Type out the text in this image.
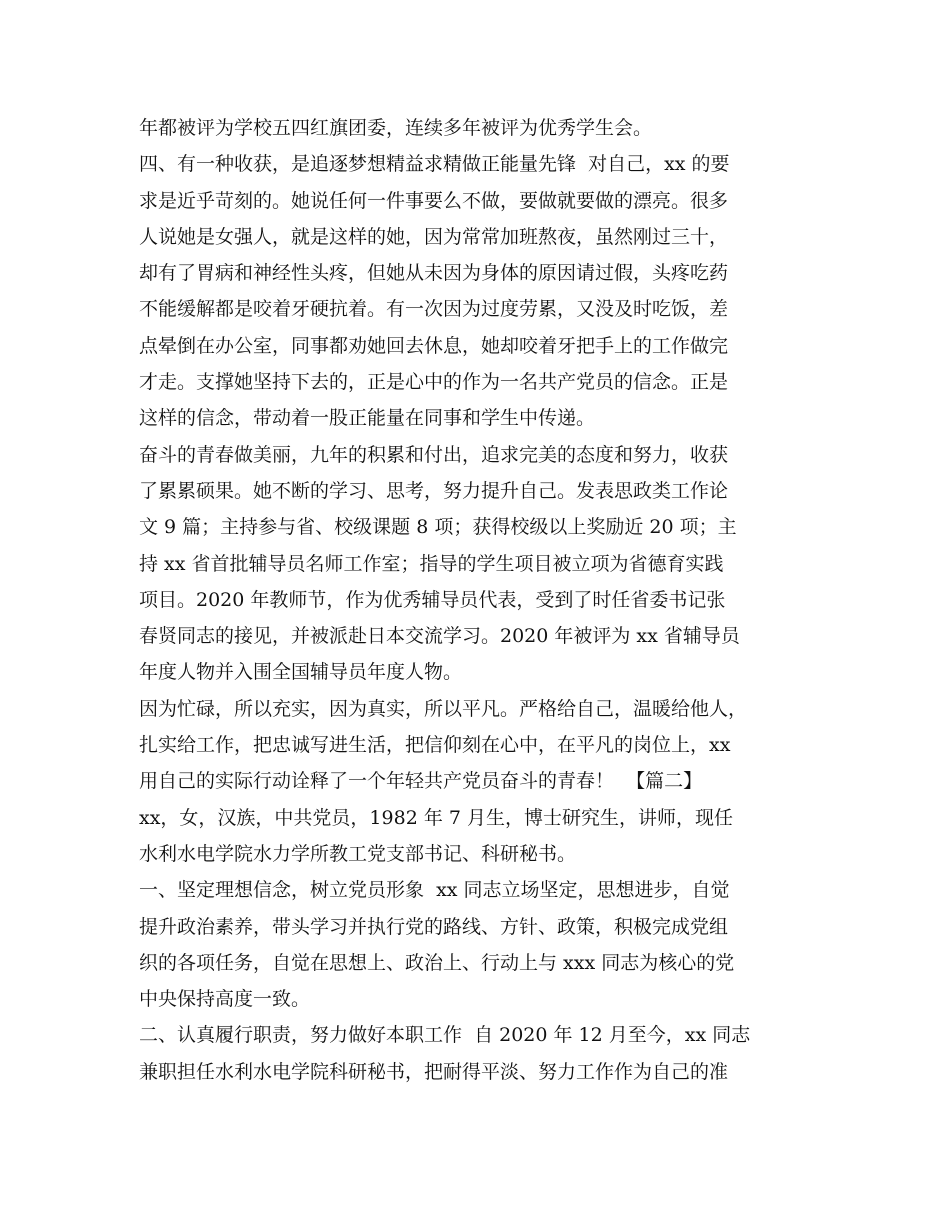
年都被评为学校五四红旗团委，连续多年被评为优秀学生会。
四、有一种收获，是追逐梦想精益求精做正能量先锋  对自己，xx 的要
求是近乎苛刻的。她说任何一件事要么不做，要做就要做的漂亮。很多
人说她是女强人，就是这样的她，因为常常加班熬夜，虽然刚过三十，
却有了胃病和神经性头疼，但她从未因为身体的原因请过假，头疼吃药
不能缓解都是咬着牙硬抗着。有一次因为过度劳累，又没及时吃饭，差
点晕倒在办公室，同事都劝她回去休息，她却咬着牙把手上的工作做完
才走。支撑她坚持下去的，正是心中的作为一名共产党员的信念。正是
这样的信念，带动着一股正能量在同事和学生中传递。
奋斗的青春做美丽，九年的积累和付出，追求完美的态度和努力，收获
了累累硕果。她不断的学习、思考，努力提升自己。发表思政类工作论
文 9 篇；主持参与省、校级课题 8 项；获得校级以上奖励近 20 项；主
持 xx 省首批辅导员名师工作室；指导的学生项目被立项为省德育实践
项目。2020 年教师节，作为优秀辅导员代表，受到了时任省委书记张
春贤同志的接见，并被派赴日本交流学习。2020 年被评为 xx 省辅导员
年度人物并入围全国辅导员年度人物。
因为忙碌，所以充实，因为真实，所以平凡。严格给自己，温暖给他人，
扎实给工作，把忠诚写进生活，把信仰刻在心中，在平凡的岗位上，xx
用自己的实际行动诠释了一个年轻共产党员奋斗的青春！  【篇二】
xx，女，汉族，中共党员，1982 年 7 月生，博士研究生，讲师，现任
水利水电学院水力学所教工党支部书记、科研秘书。
一、坚定理想信念，树立党员形象  xx 同志立场坚定，思想进步，自觉
提升政治素养，带头学习并执行党的路线、方针、政策，积极完成党组
织的各项任务，自觉在思想上、政治上、行动上与 xxx 同志为核心的党
中央保持高度一致。
二、认真履行职责，努力做好本职工作  自 2020 年 12 月至今，xx 同志
兼职担任水利水电学院科研秘书，把耐得平淡、努力工作作为自己的准
